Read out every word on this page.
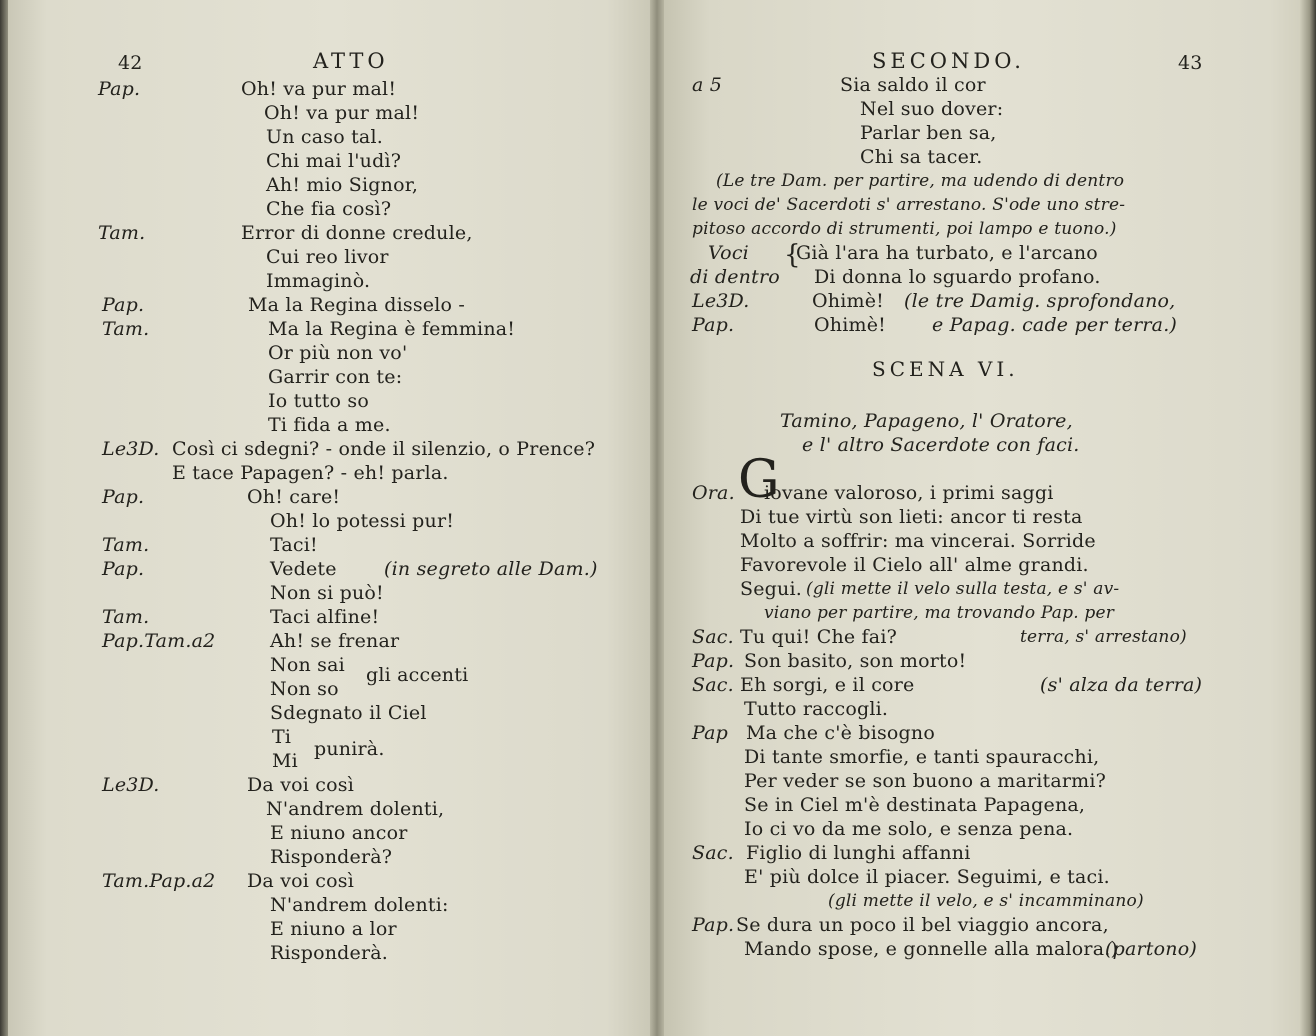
42	ATTO
Pap.	Oh! va pur mal!
Oh! va pur mal!
Un caso tal.
Chi mai l'udì?
Ah! mio Signor,
Che fia così?
Tam.	Error di donne credule,
Cui reo livor
Immaginò.
Pap.	Ma la Regina disselo -
Tam.	Ma la Regina è femmina!
Or più non vo'
Garrir con te:
Io tutto so
Ti fida a me.
Le3D. Così ci sdegni? - onde il silenzio, o Prence?
E tace Papagen? - eh! parla.
Pap.	Oh! care!
Oh! lo potessi pur!
Tam.	Taci!
Pap.	Vedete (in segreto alle Dam.)
Non si può!
Tam.	Taci alfine!
Pap.Tam.a2	Ah! se frenar
Non sai
Non so
gli accenti
Sdegnato il Ciel
Ti
Mi
punirà.
Le3D.	Da voi così
N'andrem dolenti,
E niuno ancor
Risponderà?
Tam.Pap.a2 Da voi così
N'andrem dolenti:
E niuno a lor
Risponderà.
SECONDO.	43
a 5	Sia saldo il cor
Nel suo dover:
Parlar ben sa,
Chi sa tacer.
(Le tre Dam. per partire, ma udendo di dentro
le voci de' Sacerdoti s' arrestano. S'ode uno stre-
pitoso accordo di strumenti, poi lampo e tuono.)
Voci
di dentro
{
Già l'ara ha turbato, e l'arcano
Di donna lo sguardo profano.
Le3D.	Ohimè! (le tre Damig. sprofondano,
Pap.	Ohimè! e Papag. cade per terra.)
SCENA VI.
Tamino, Papageno, l' Oratore,
e l' altro Sacerdote con faci.
Ora. G
iovane valoroso, i primi saggi
Di tue virtù son lieti: ancor ti resta
Molto a soffrir: ma vincerai. Sorride
Favorevole il Cielo all' alme grandi.
Segui. (gli mette il velo sulla testa, e s' av-
viano per partire, ma trovando Pap. per
Sac. Tu qui! Che fai?	terra, s' arrestano)
Pap. Son basito, son morto!
Sac. Eh sorgi, e il core	(s' alza da terra)
Tutto raccogli.
Pap Ma che c'è bisogno
Di tante smorfie, e tanti spauracchi,
Per veder se son buono a maritarmi?
Se in Ciel m'è destinata Papagena,
Io ci vo da me solo, e senza pena.
Sac. Figlio di lunghi affanni
E' più dolce il piacer. Seguimi, e taci.
(gli mette il velo, e s' incamminano)
Pap. Se dura un poco il bel viaggio ancora,
Mando spose, e gonnelle alla malora.)
(partono)
